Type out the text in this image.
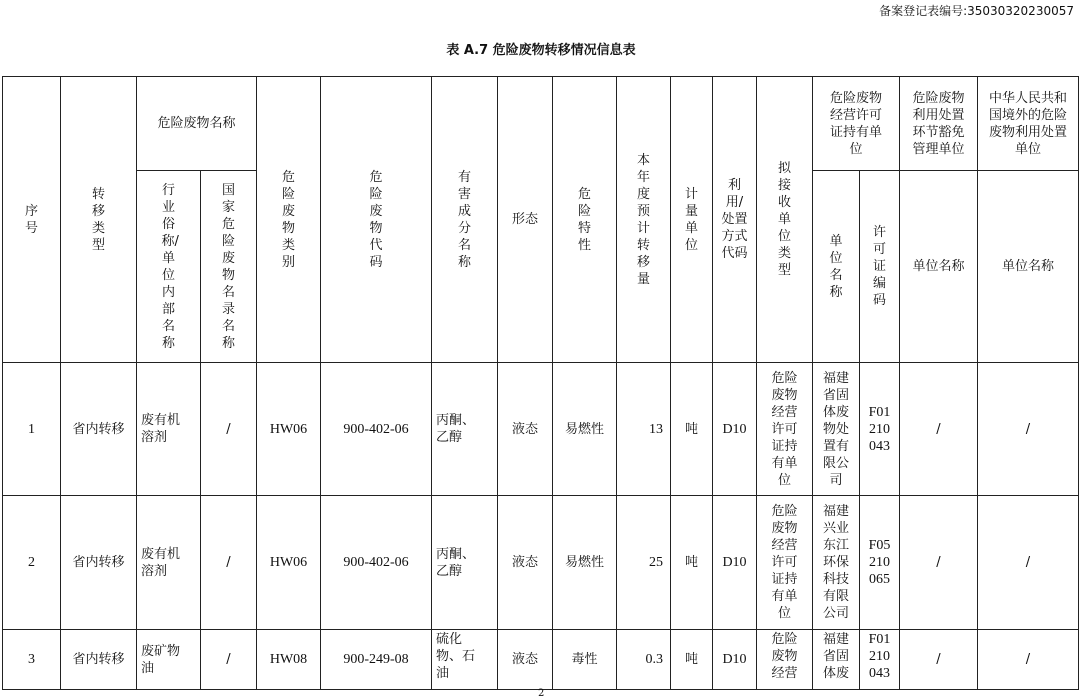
备案登记表编号:35030320230057
表 A.7 危险废物转移情况信息表
序号	转移类型	危险废物名称		危险废物类别	危险废物代码	有害成分名称	形态	危险特性	本年度预计转移量	计量单位	利用/处置方式代码	拟接收单位类型	危险废物经营许可证持有单位		危险废物利用处置环节豁免管理单位	中华人民共和国境外的危险废物利用处置单位

		行业俗称/单位内部名称	国家危险废物名录名称										单位名称	许可证编码	单位名称	单位名称
1	省内转移	废有机溶剂	/	HW06	900-402-06	丙酮、乙醇	液态	易燃性	13	吨	D10	危险废物经营许可证持有单位	福建省固体废物处置有限公司	F01210043	/	/
2	省内转移	废有机溶剂	/	HW06	900-402-06	丙酮、乙醇	液态	易燃性	25	吨	D10	危险废物经营许可证持有单位	福建兴业东江环保科技有限公司	F05210065	/	/
3	省内转移	废矿物油	/	HW08	900-249-08	硫化物、石油	液态	毒性	0.3	吨	D10	危险废物经营	福建省固体废	F01210043	/	/
2
